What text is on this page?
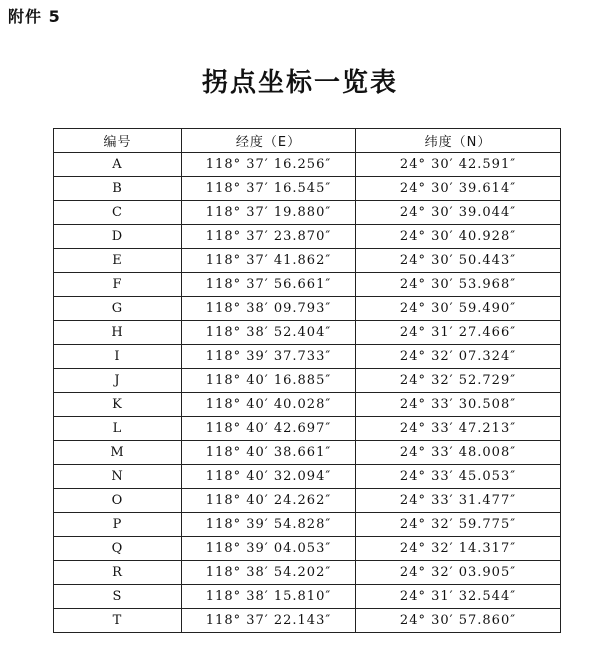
附件 5
拐点坐标一览表
编号	经度（E）	纬度（N）
A	118° 37′ 16.256″	24° 30′ 42.591″
B	118° 37′ 16.545″	24° 30′ 39.614″
C	118° 37′ 19.880″	24° 30′ 39.044″
D	118° 37′ 23.870″	24° 30′ 40.928″
E	118° 37′ 41.862″	24° 30′ 50.443″
F	118° 37′ 56.661″	24° 30′ 53.968″
G	118° 38′ 09.793″	24° 30′ 59.490″
H	118° 38′ 52.404″	24° 31′ 27.466″
I	118° 39′ 37.733″	24° 32′ 07.324″
J	118° 40′ 16.885″	24° 32′ 52.729″
K	118° 40′ 40.028″	24° 33′ 30.508″
L	118° 40′ 42.697″	24° 33′ 47.213″
M	118° 40′ 38.661″	24° 33′ 48.008″
N	118° 40′ 32.094″	24° 33′ 45.053″
O	118° 40′ 24.262″	24° 33′ 31.477″
P	118° 39′ 54.828″	24° 32′ 59.775″
Q	118° 39′ 04.053″	24° 32′ 14.317″
R	118° 38′ 54.202″	24° 32′ 03.905″
S	118° 38′ 15.810″	24° 31′ 32.544″
T	118° 37′ 22.143″	24° 30′ 57.860″
